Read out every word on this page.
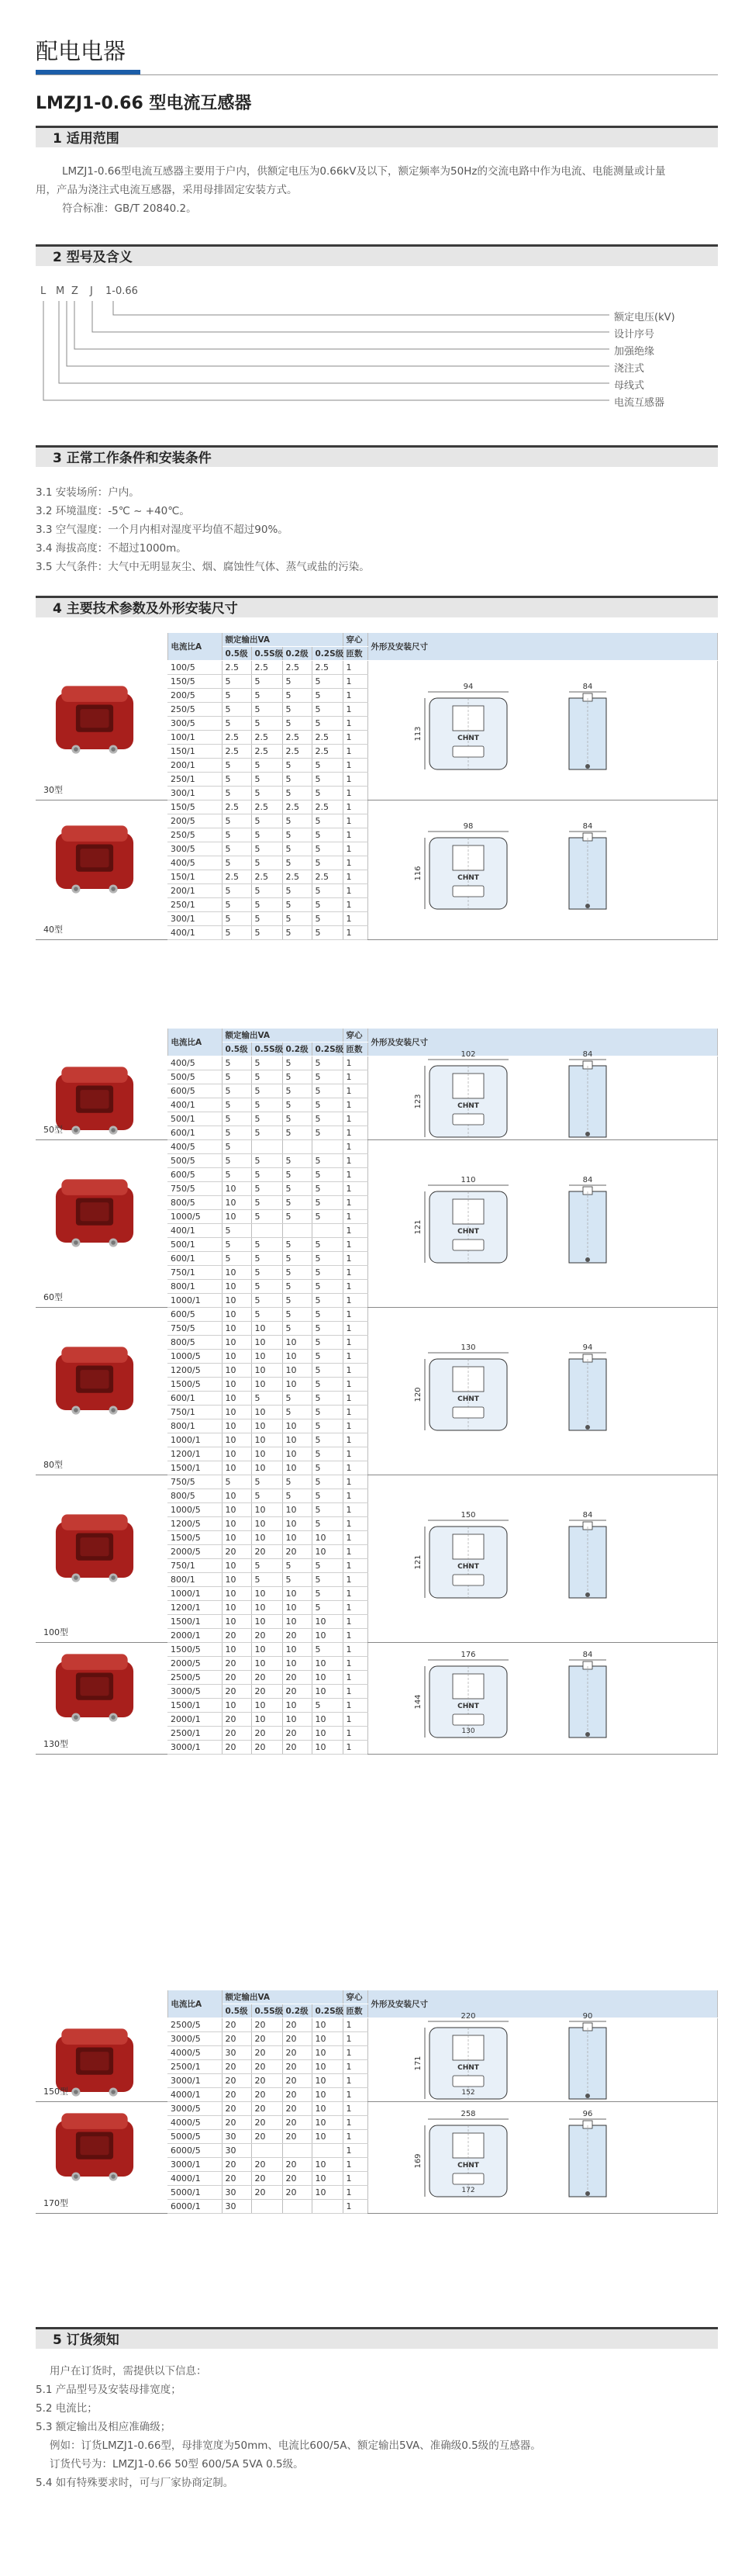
配电电器
LMZJ1-0.66 型电流互感器
1 适用范围
LMZJ1-0.66型电流互感器主要用于户内，供额定电压为0.66kV及以下，额定频率为50Hz的交流电路中作为电流、电能测量或计量
用，产品为浇注式电流互感器，采用母排固定安装方式。
符合标准：GB/T 20840.2。
2 型号及含义
L M Z J 1-0.66
额定电压(kV)
设计序号
加强绝缘
浇注式
母线式
电流互感器
3 正常工作条件和安装条件
3.1 安装场所：户内。
3.2 环境温度：-5℃ ~ +40℃。
3.3 空气湿度：一个月内相对湿度平均值不超过90%。
3.4 海拔高度：不超过1000m。
3.5 大气条件：大气中无明显灰尘、烟、腐蚀性气体、蒸气或盐的污染。
4 主要技术参数及外形安装尺寸
	电流比A	额定输出VA				穿心	外形及安装尺寸
		0.5级	0.5S级	0.2级	0.2S级	匝数	

30型	100/5	2.5	2.5	2.5	2.5	1	94
CHNT
113
84

	150/5	5	5	5	5	1	
	200/5	5	5	5	5	1	
	250/5	5	5	5	5	1	
	300/5	5	5	5	5	1	
	100/1	2.5	2.5	2.5	2.5	1	
	150/1	2.5	2.5	2.5	2.5	1	
	200/1	5	5	5	5	1	
	250/1	5	5	5	5	1	
	300/1	5	5	5	5	1	

40型	150/5	2.5	2.5	2.5	2.5	1	98
CHNT
116
84

	200/5	5	5	5	5	1	
	250/5	5	5	5	5	1	
	300/5	5	5	5	5	1	
	400/5	5	5	5	5	1	
	150/1	2.5	2.5	2.5	2.5	1	
	200/1	5	5	5	5	1	
	250/1	5	5	5	5	1	
	300/1	5	5	5	5	1	
	400/1	5	5	5	5	1	
	电流比A	额定输出VA				穿心	外形及安装尺寸
		0.5级	0.5S级	0.2级	0.2S级	匝数	

50型	400/5	5	5	5	5	1	102
CHNT
123
84

	500/5	5	5	5	5	1	
	600/5	5	5	5	5	1	
	400/1	5	5	5	5	1	
	500/1	5	5	5	5	1	
	600/1	5	5	5	5	1	

60型	400/5	5				1	110
CHNT
121
84

	500/5	5	5	5	5	1	
	600/5	5	5	5	5	1	
	750/5	10	5	5	5	1	
	800/5	10	5	5	5	1	
	1000/5	10	5	5	5	1	
	400/1	5				1	
	500/1	5	5	5	5	1	
	600/1	5	5	5	5	1	
	750/1	10	5	5	5	1	
	800/1	10	5	5	5	1	
	1000/1	10	5	5	5	1	

80型	600/5	10	5	5	5	1	130
CHNT
120
94

	750/5	10	10	5	5	1	
	800/5	10	10	10	5	1	
	1000/5	10	10	10	5	1	
	1200/5	10	10	10	5	1	
	1500/5	10	10	10	5	1	
	600/1	10	5	5	5	1	
	750/1	10	10	5	5	1	
	800/1	10	10	10	5	1	
	1000/1	10	10	10	5	1	
	1200/1	10	10	10	5	1	
	1500/1	10	10	10	5	1	

100型	750/5	5	5	5	5	1	150
CHNT
121
84

	800/5	10	5	5	5	1	
	1000/5	10	10	10	5	1	
	1200/5	10	10	10	5	1	
	1500/5	10	10	10	10	1	
	2000/5	20	20	20	10	1	
	750/1	10	5	5	5	1	
	800/1	10	5	5	5	1	
	1000/1	10	10	10	5	1	
	1200/1	10	10	10	5	1	
	1500/1	10	10	10	10	1	
	2000/1	20	20	20	10	1	

130型	1500/5	10	10	10	5	1	176
CHNT
144
130
84

	2000/5	20	10	10	10	1	
	2500/5	20	20	20	10	1	
	3000/5	20	20	20	10	1	
	1500/1	10	10	10	5	1	
	2000/1	20	10	10	10	1	
	2500/1	20	20	20	10	1	
	3000/1	20	20	20	10	1	
	电流比A	额定输出VA				穿心	外形及安装尺寸
		0.5级	0.5S级	0.2级	0.2S级	匝数	

150型	2500/5	20	20	20	10	1	220
CHNT
171
152
90

	3000/5	20	20	20	10	1	
	4000/5	30	20	20	10	1	
	2500/1	20	20	20	10	1	
	3000/1	20	20	20	10	1	
	4000/1	20	20	20	10	1	

170型	3000/5	20	20	20	10	1	258
CHNT
169
172
96

	4000/5	20	20	20	10	1	
	5000/5	30	20	20	10	1	
	6000/5	30				1	
	3000/1	20	20	20	10	1	
	4000/1	20	20	20	10	1	
	5000/1	30	20	20	10	1	
	6000/1	30				1	
5 订货须知
用户在订货时，需提供以下信息：
5.1 产品型号及安装母排宽度；
5.2 电流比；
5.3 额定输出及相应准确级；
例如：订货LMZJ1-0.66型，母排宽度为50mm、电流比600/5A、额定输出5VA、准确级0.5级的互感器。
订货代号为：LMZJ1-0.66 50型 600/5A 5VA 0.5级。
5.4 如有特殊要求时，可与厂家协商定制。
